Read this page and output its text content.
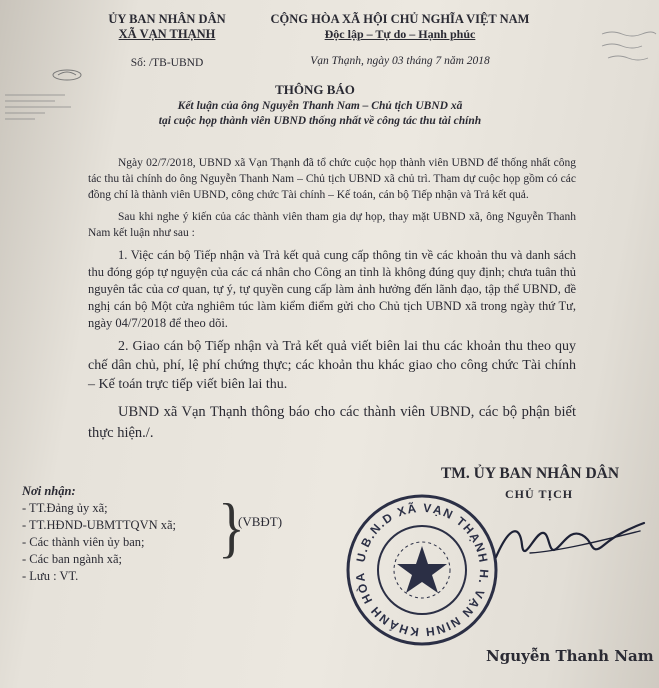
ỦY BAN NHÂN DÂN
XÃ VẠN THẠNH
Số: /TB-UBND
CỘNG HÒA XÃ HỘI CHỦ NGHĨA VIỆT NAM
Độc lập – Tự do – Hạnh phúc
Vạn Thạnh, ngày 03 tháng 7 năm 2018
THÔNG BÁO
Kết luận của ông Nguyễn Thanh Nam – Chủ tịch UBND xã
tại cuộc họp thành viên UBND thống nhất về công tác thu tài chính

Ngày 02/7/2018, UBND xã Vạn Thạnh đã tổ chức cuộc họp thành viên UBND để thống nhất công tác thu tài chính do ông Nguyễn Thanh Nam – Chủ tịch UBND xã chủ trì. Tham dự cuộc họp gồm có các đồng chí là thành viên UBND, công chức Tài chính – Kế toán, cán bộ Tiếp nhận và Trả kết quả.

Sau khi nghe ý kiến của các thành viên tham gia dự họp, thay mặt UBND xã, ông Nguyễn Thanh Nam kết luận như sau :

1. Việc cán bộ Tiếp nhận và Trả kết quả cung cấp thông tin về các khoản thu và danh sách thu đóng góp tự nguyện của các cá nhân cho Công an tỉnh là không đúng quy định; chưa tuân thủ nguyên tắc của cơ quan, tự ý, tự quyền cung cấp làm ảnh hưởng đến lãnh đạo, tập thể UBND, đề nghị cán bộ Một cửa nghiêm túc làm kiểm điểm gửi cho Chủ tịch UBND xã trong ngày thứ Tư, ngày 04/7/2018 để theo dõi.

2. Giao cán bộ Tiếp nhận và Trả kết quả viết biên lai thu các khoản thu theo quy chế dân chủ, phí, lệ phí chứng thực; các khoản thu khác giao cho công chức Tài chính – Kế toán trực tiếp viết biên lai thu.

UBND xã Vạn Thạnh thông báo cho các thành viên UBND, các bộ phận biết thực hiện./.

Nơi nhận:
- TT.Đảng ủy xã;
- TT.HĐND-UBMTTQVN xã;
- Các thành viên ủy ban;
- Các ban ngành xã;
- Lưu : VT.
}
(VBĐT)
U.B.N.D XÃ VẠN THẠNH H. VẠN NINH KHÁNH HÒA
TM. ỦY BAN NHÂN DÂN
CHỦ TỊCH
Nguyễn Thanh Nam
